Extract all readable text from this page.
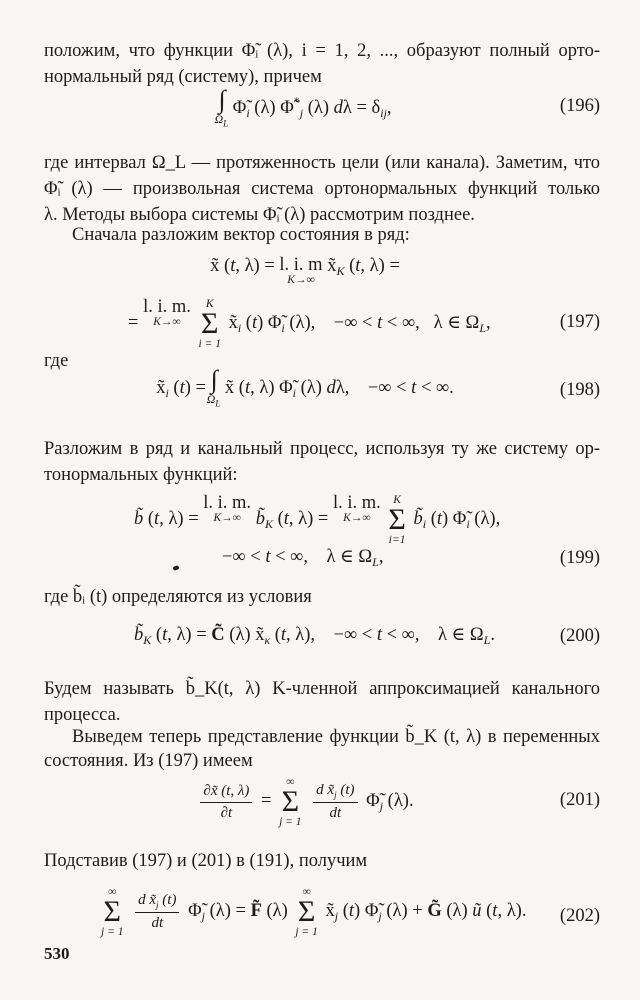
положим, что функции Φ̃ᵢ (λ), i = 1, 2, ..., образуют полный орто-

нормальный ряд (систему), причем

∫
$\Omega_L$
$\Phĩ_i$ (λ) $\Phĩ^*_j$ (λ) $d\lambda = \delta_{ij}$,	(196)

где интервал Ω_L — протяженность цели (или канала). Заметим, что

Φ̃ᵢ (λ) — произвольная система ортонормальных функций только

λ. Методы выбора системы Φ̃ᵢ (λ) рассмотрим позднее.

Сначала разложим вектор состояния в ряд:

x̃ (t, λ) = l. i. m
K→∞
$x̃_K$ (t, λ) =
= l. i. m.
K→∞

K
Σ
i = 1
$x̃_i$ (t) $\Phĩ_i$ (λ),    −∞ < t < ∞,   λ ∈ $\Omega_L$,	(197)

где

$x̃_i$ (t) = ∫
$\Omega_L$
x̃ (t, λ) $\Phĩ_i$ (λ) dλ,    −∞ < t < ∞.	(198)

Разложим в ряд и канальный процесс, используя ту же систему ор-

тонормальных функций:

b̃ (t, λ) = l. i. m.
K→∞ $b̃_K$ (t, λ) = l. i. m.
K→∞

K
Σ
i=1
$b̃_i$ (t) $\Phĩ_i$ (λ),
−∞ < t < ∞,    λ ∈ $\Omega_L$,	(199)

где b̃ᵢ (t) определяются из условия

$b̃_K$ (t, λ) = C̃ (λ) $x̃_к$ (t, λ),    −∞ < t < ∞,    λ ∈ $\Omega_L$.	(200)

Будем называть b̃_K(t, λ) K-членной аппроксимацией канального

процесса.

Выведем теперь представление функции b̃_K (t, λ) в переменных

состояния. Из (197) имеем

$\frac{\partial x̃ (t, \lambda)}{\partial t}$ =
∞
Σ
j = 1
$\frac{d x̃_j (t)}{dt}$ $\Phĩ_j$ (λ).	(201)

Подставив (197) и (201) в (191), получим

∞
Σ
j = 1
$\frac{d x̃_j (t)}{dt}$ $\Phĩ_j$ (λ) = F̃ (λ)
∞
Σ
j = 1
$x̃_j$ (t) $\Phĩ_j$ (λ) + G̃ (λ) ũ (t, λ). (202)
530
